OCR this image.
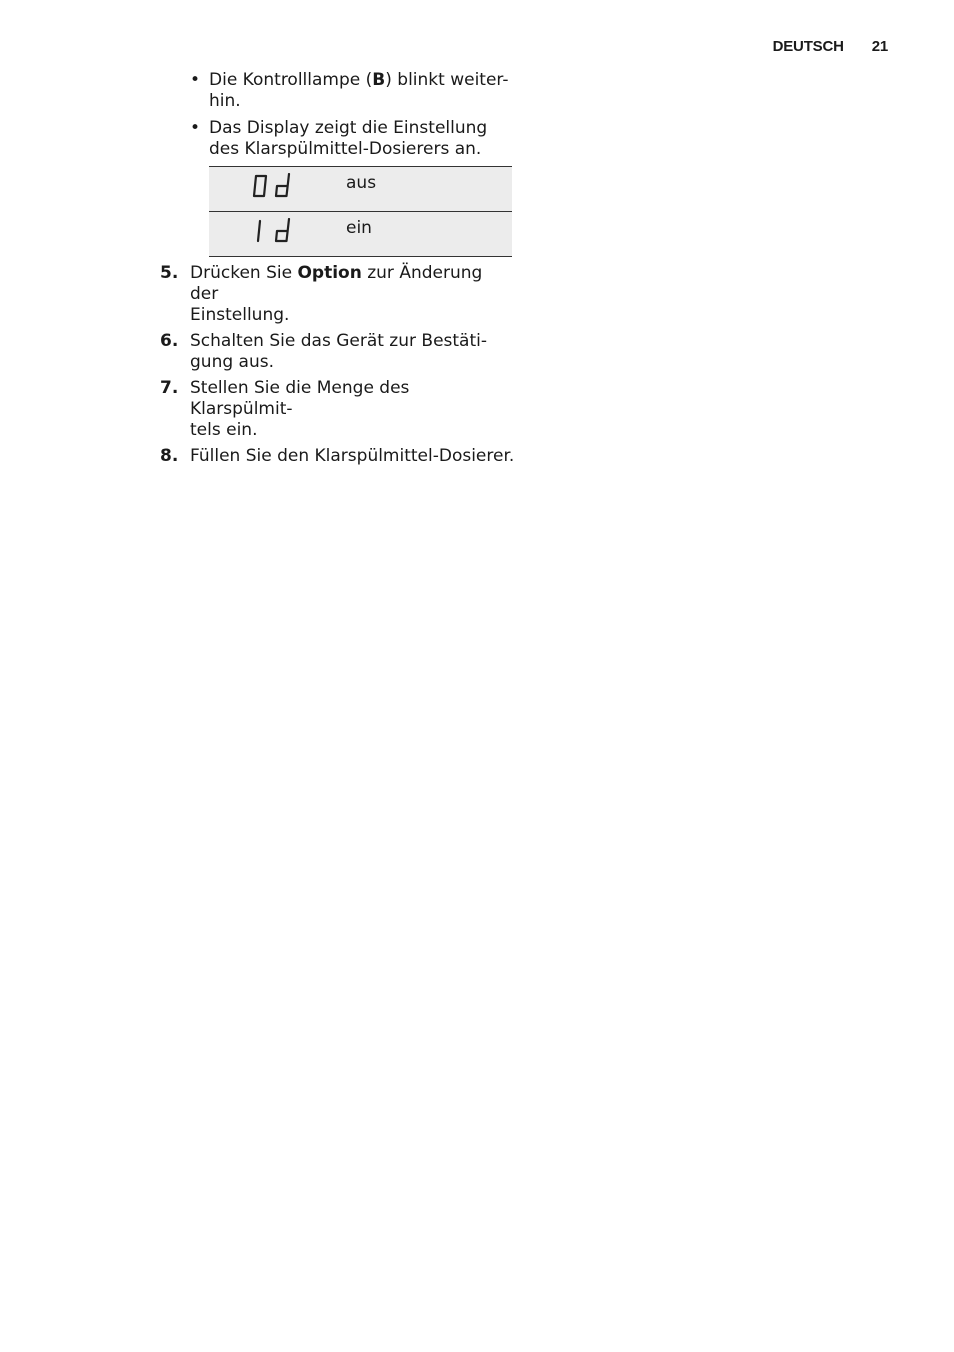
DEUTSCH 21
• Die Kontrolllampe (B) blinkt weiter-
hin.
• Das Display zeigt die Einstellung
des Klarspülmittel-Dosierers an.
	aus

	ein
5. Drücken Sie Option zur Änderung der
Einstellung.
6. Schalten Sie das Gerät zur Bestäti-
gung aus.
7. Stellen Sie die Menge des Klarspülmit-
tels ein.
8. Füllen Sie den Klarspülmittel-Dosierer.
